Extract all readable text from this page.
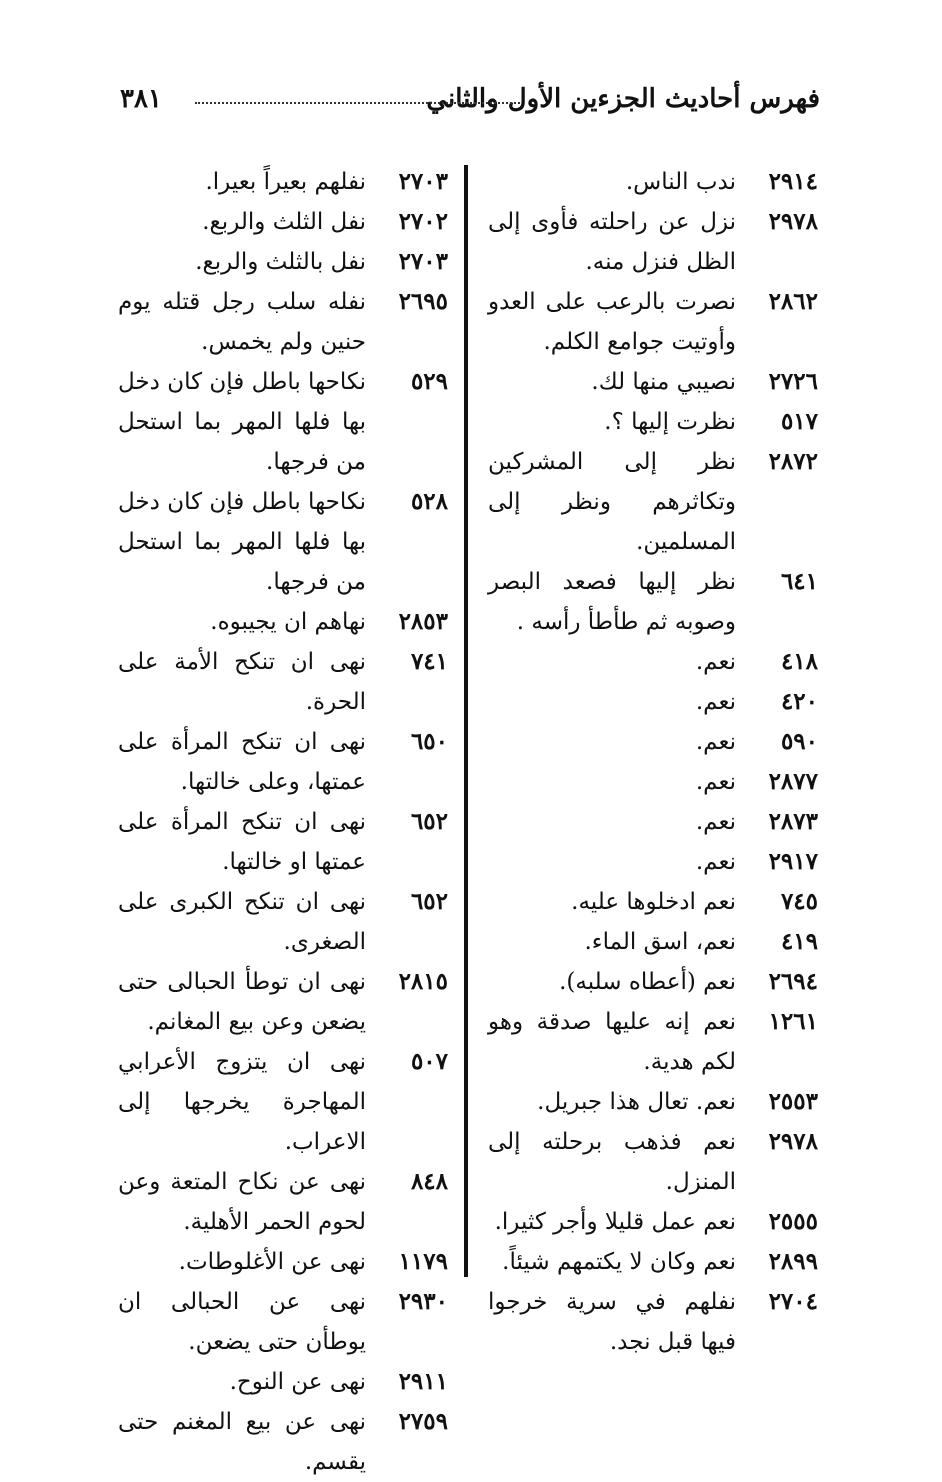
فهرس أحاديث الجزءين الأول والثاني
٣٨١
٢٩١٤
ندب الناس.
٢٩٧٨
نزل عن راحلته فأوى إلى الظل فنزل منه.
٢٨٦٢
نصرت بالرعب على العدو وأوتيت جوامع الكلم.
٢٧٢٦
نصيبي منها لك.
٥١٧
نظرت إليها ؟.
٢٨٧٢
نظر إلى المشركين وتكاثرهم ونظر إلى المسلمين.
٦٤١
نظر إليها فصعد البصر وصوبه ثم طأطأ رأسه .
٤١٨
نعم.
٤٢٠
نعم.
٥٩٠
نعم.
٢٨٧٧
نعم.
٢٨٧٣
نعم.
٢٩١٧
نعم.
٧٤٥
نعم ادخلوها عليه.
٤١٩
نعم، اسق الماء.
٢٦٩٤
نعم (أعطاه سلبه).
١٢٦١
نعم إنه عليها صدقة وهو لكم هدية.
٢٥٥٣
نعم. تعال هذا جبريل.
٢٩٧٨
نعم فذهب برحلته إلى المنزل.
٢٥٥٥
نعم عمل قليلا وأجر كثيرا.
٢٨٩٩
نعم وكان لا يكتمهم شيئاً.
٢٧٠٤
نفلهم في سرية خرجوا فيها قبل نجد.
٢٧٠٣
نفلهم بعيراً بعيرا.
٢٧٠٢
نفل الثلث والربع.
٢٧٠٣
نفل بالثلث والربع.
٢٦٩٥
نفله سلب رجل قتله يوم حنين ولم يخمس.
٥٢٩
نكاحها باطل فإن كان دخل بها فلها المهر بما استحل من فرجها.
٥٢٨
نكاحها باطل فإن كان دخل بها فلها المهر بما استحل من فرجها.
٢٨٥٣
نهاهم ان يجيبوه.
٧٤١
نهى ان تنكح الأمة على الحرة.
٦٥٠
نهى ان تنكح المرأة على عمتها، وعلى خالتها.
٦٥٢
نهى ان تنكح المرأة على عمتها او خالتها.
٦٥٢
نهى ان تنكح الكبرى على الصغرى.
٢٨١٥
نهى ان توطأ الحبالى حتى يضعن وعن بيع المغانم.
٥٠٧
نهى ان يتزوج الأعرابي المهاجرة يخرجها إلى الاعراب.
٨٤٨
نهى عن نكاح المتعة وعن لحوم الحمر الأهلية.
١١٧٩
نهى عن الأغلوطات.
٢٩٣٠
نهى عن الحبالى ان يوطأن حتى يضعن.
٢٩١١
نهى عن النوح.
٢٧٥٩
نهى عن بيع المغنم حتى يقسم.
